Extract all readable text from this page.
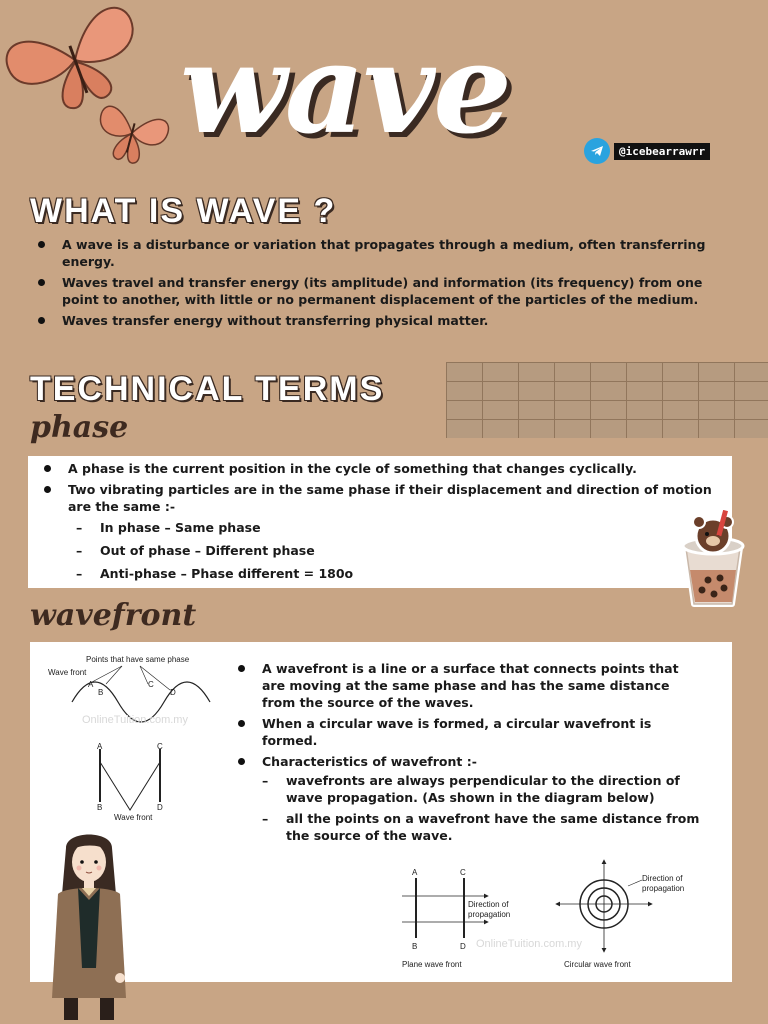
wave	@icebearrawrr
WHAT IS WAVE ?
A wave is a disturbance or variation that propagates through a medium, often transferring energy.
Waves travel and transfer energy (its amplitude) and information (its frequency) from one point to another, with little or no permanent displacement of the particles of the medium.
Waves transfer energy without transferring physical matter.
TECHNICAL TERMS
phase
A phase is the current position in the cycle of something that changes cyclically.
Two vibrating particles are in the same phase if their displacement and direction of motion are the same :-
– In phase – Same phase
– Out of phase – Different phase
– Anti-phase – Phase different = 180o
wavefront
Points that have same phase
Wave front
A
B
C
D
OnlineTuition.com.my
A
B
C
D
Wave front
A wavefront is a line or a surface that connects points that are moving at the same phase and has the same distance from the source of the waves.
When a circular wave is formed, a circular wavefront is formed.
Characteristics of wavefront :-
– wavefronts are always perpendicular to the direction of wave propagation. (As shown in the diagram below)
– all the points on a wavefront have the same distance from the source of the wave.
A
B
C
D
Direction of
propagation
Direction of
propagation
OnlineTuition.com.my
Plane wave front	Circular wave front
